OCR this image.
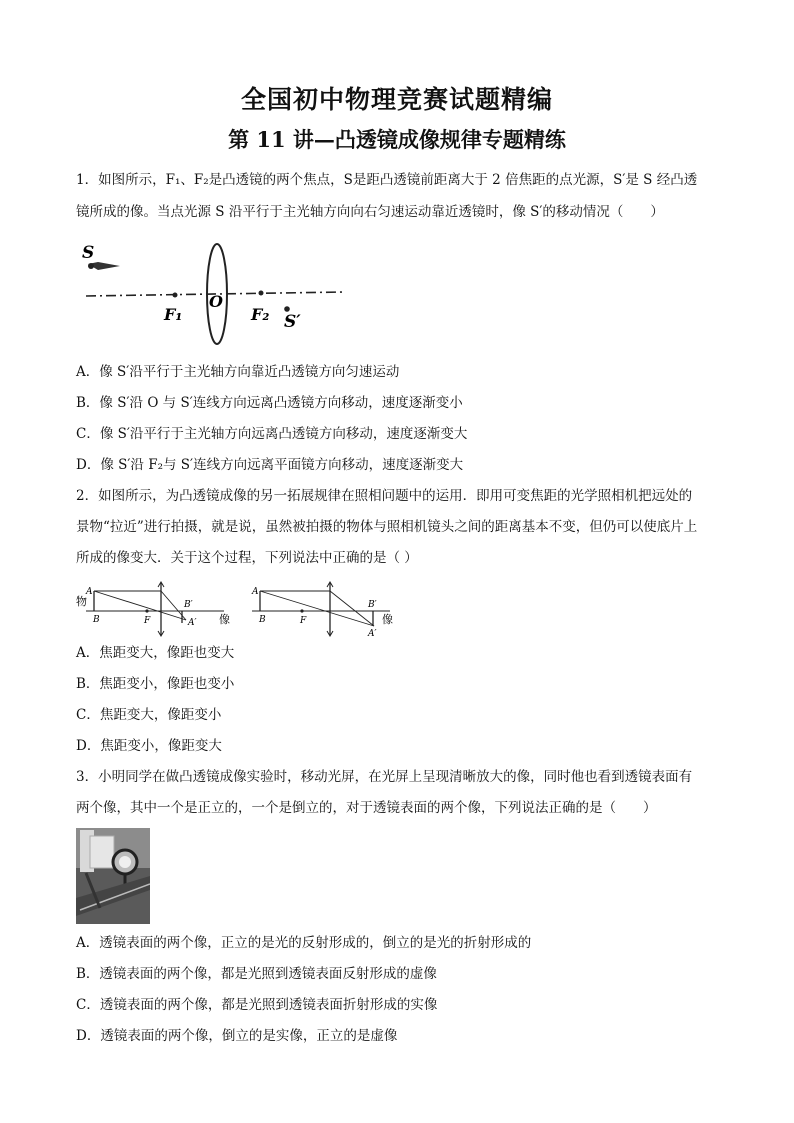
全国初中物理竞赛试题精编
第 11 讲—凸透镜成像规律专题精练
1．如图所示，F₁、F₂是凸透镜的两个焦点，S是距凸透镜前距离大于 2 倍焦距的点光源，S′是 S 经凸透
镜所成的像。当点光源 S 沿平行于主光轴方向向右匀速运动靠近透镜时，像 S′的移动情况（　　）
S
O
F₁	F₂ S′
A．像 S′沿平行于主光轴方向靠近凸透镜方向匀速运动
B．像 S′沿 O 与 S′连线方向远离凸透镜方向移动，速度逐渐变小
C．像 S′沿平行于主光轴方向远离凸透镜方向移动，速度逐渐变大
D．像 S′沿 F₂与 S′连线方向远离平面镜方向移动，速度逐渐变大
2．如图所示，为凸透镜成像的另一拓展规律在照相问题中的运用．即用可变焦距的光学照相机把远处的
景物“拉近”进行拍摄，就是说，虽然被拍摄的物体与照相机镜头之间的距离基本不变，但仍可以使底片上
所成的像变大．关于这个过程，下列说法中正确的是（ ）
物
A
B	F
B′
A′ 像
A
B	F
B′
A′
像
A．焦距变大，像距也变大
B．焦距变小，像距也变小
C．焦距变大，像距变小
D．焦距变小，像距变大
3．小明同学在做凸透镜成像实验时，移动光屏，在光屏上呈现清晰放大的像，同时他也看到透镜表面有
两个像，其中一个是正立的，一个是倒立的，对于透镜表面的两个像，下列说法正确的是（　　）
A．透镜表面的两个像，正立的是光的反射形成的，倒立的是光的折射形成的
B．透镜表面的两个像，都是光照到透镜表面反射形成的虚像
C．透镜表面的两个像，都是光照到透镜表面折射形成的实像
D．透镜表面的两个像，倒立的是实像，正立的是虚像
